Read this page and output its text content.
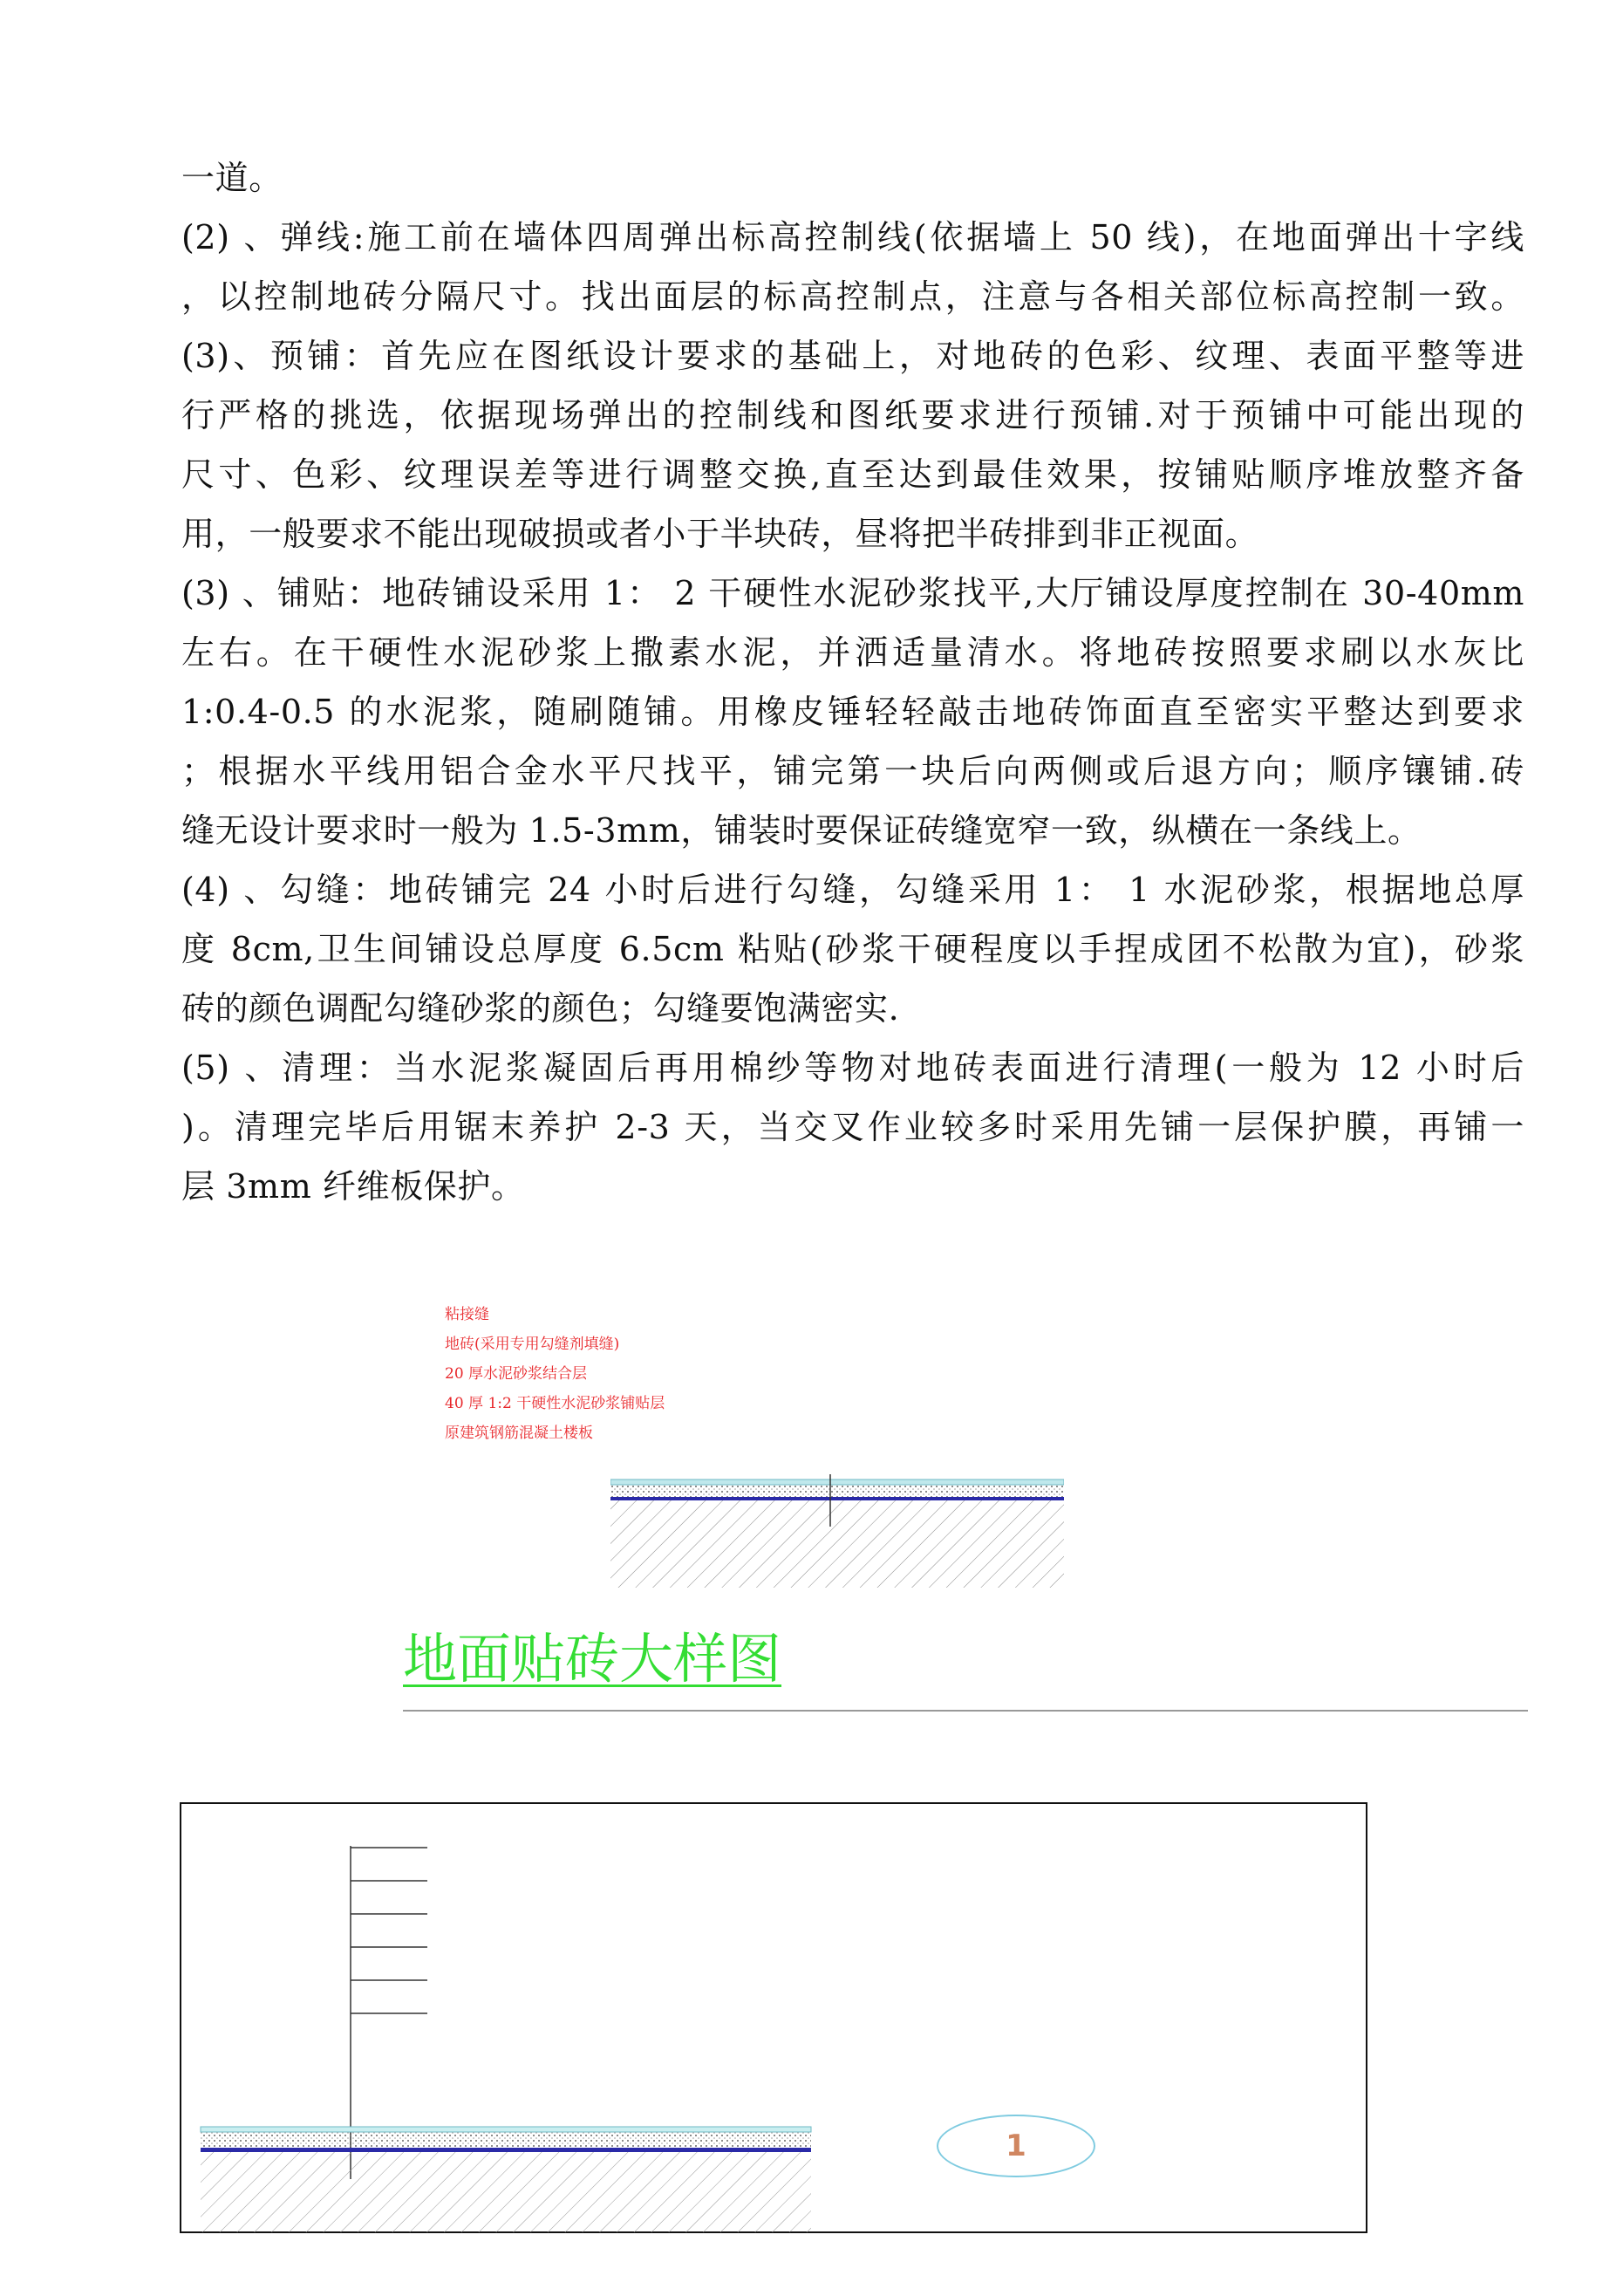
一道。
(2) 、弹线:施工前在墙体四周弹出标高控制线(依据墙上 50 线)，在地面弹出十字线
，以控制地砖分隔尺寸。找出面层的标高控制点，注意与各相关部位标高控制一致。
(3)、预铺：首先应在图纸设计要求的基础上，对地砖的色彩、纹理、表面平整等进
行严格的挑选，依据现场弹出的控制线和图纸要求进行预铺.对于预铺中可能出现的
尺寸、色彩、纹理误差等进行调整交换,直至达到最佳效果，按铺贴顺序堆放整齐备
用，一般要求不能出现破损或者小于半块砖，昼将把半砖排到非正视面。
(3) 、铺贴：地砖铺设采用 1： 2 干硬性水泥砂浆找平,大厅铺设厚度控制在 30-40mm
左右。在干硬性水泥砂浆上撒素水泥，并洒适量清水。将地砖按照要求刷以水灰比
1:0.4-0.5 的水泥浆，随刷随铺。用橡皮锤轻轻敲击地砖饰面直至密实平整达到要求
；根据水平线用铝合金水平尺找平，铺完第一块后向两侧或后退方向；顺序镶铺.砖
缝无设计要求时一般为 1.5-3mm，铺装时要保证砖缝宽窄一致，纵横在一条线上。
(4) 、勾缝：地砖铺完 24 小时后进行勾缝，勾缝采用 1： 1 水泥砂浆，根据地总厚
度 8cm,卫生间铺设总厚度 6.5cm 粘贴(砂浆干硬程度以手捏成团不松散为宜)，砂浆
砖的颜色调配勾缝砂浆的颜色；勾缝要饱满密实.
(5) 、清理：当水泥浆凝固后再用棉纱等物对地砖表面进行清理(一般为 12 小时后
)。清理完毕后用锯末养护 2-3 天，当交叉作业较多时采用先铺一层保护膜，再铺一
层 3mm 纤维板保护。
粘接缝
地砖(采用专用勾缝剂填缝)
20 厚水泥砂浆结合层
40 厚 1:2 干硬性水泥砂浆铺贴层
原建筑钢筋混凝土楼板
地面贴砖大样图
1
